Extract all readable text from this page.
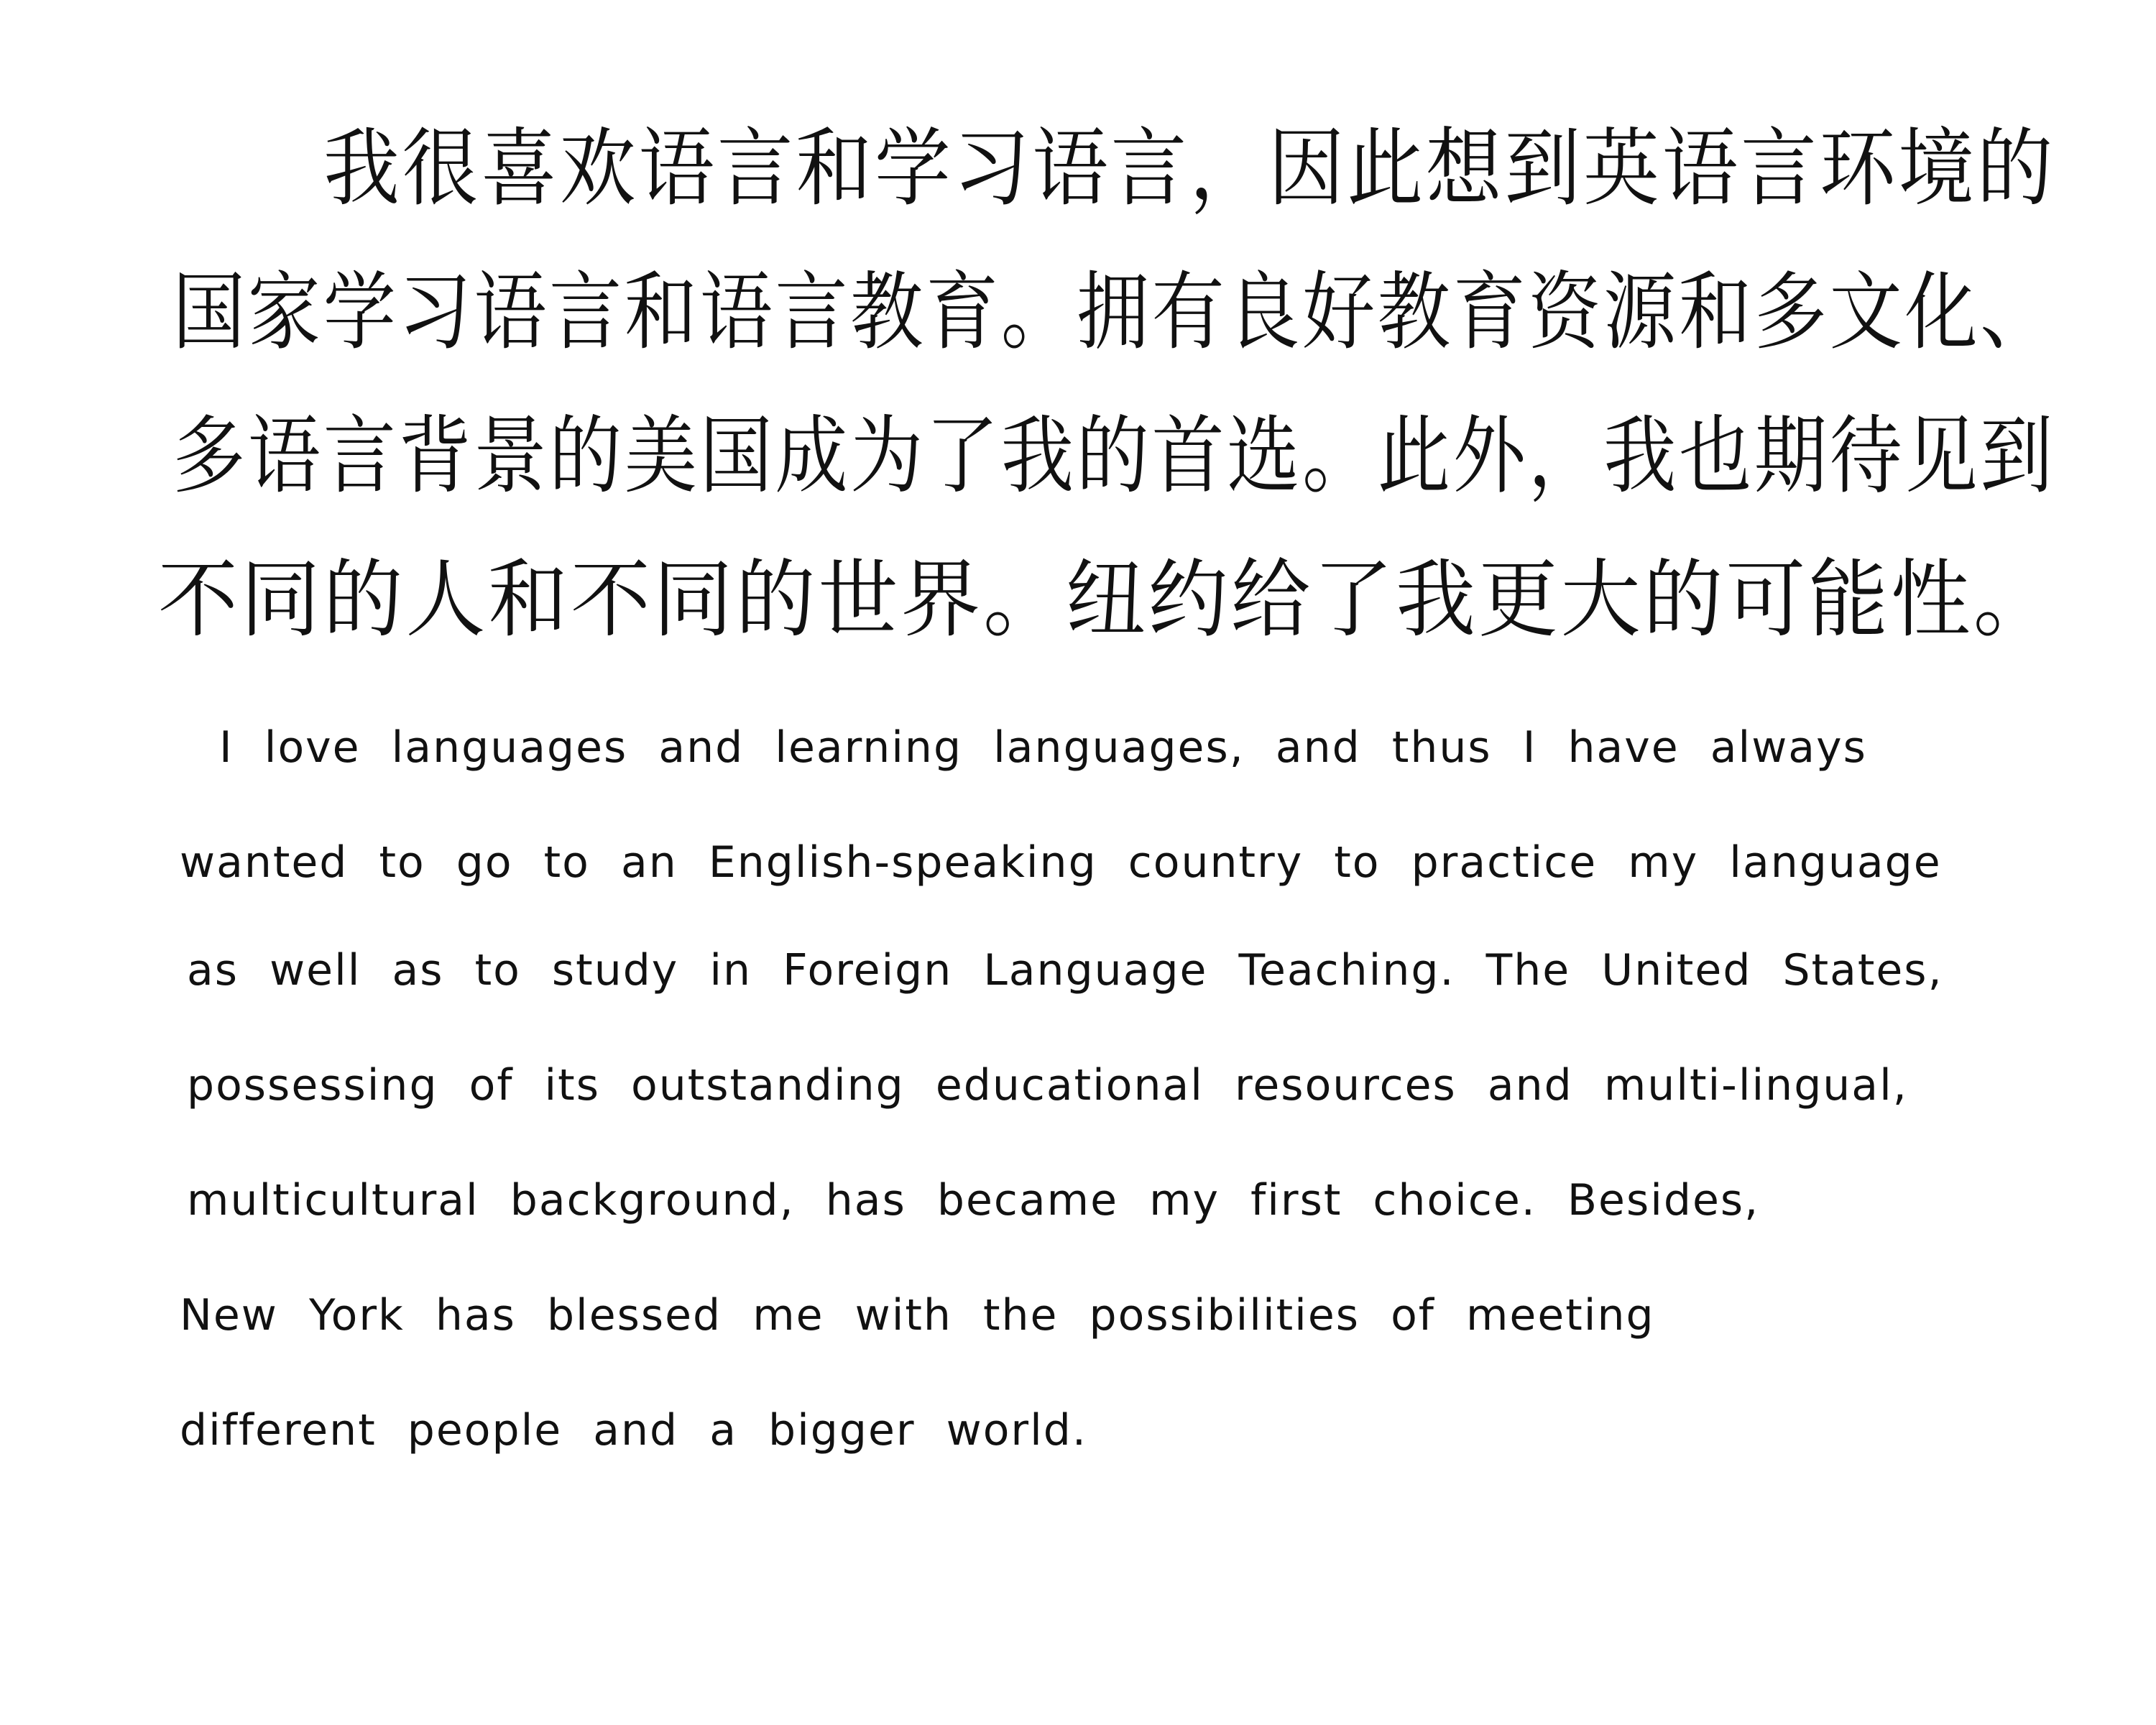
我很喜欢语言和学习语言，因此想到英语言环境的
国家学习语言和语言教育。拥有良好教育资源和多文化、
多语言背景的美国成为了我的首选。此外，我也期待见到
不同的人和不同的世界。纽约给了我更大的可能性。
I love languages and learning languages, and thus I have always
wanted to go to an English-speaking country to practice my language
as well as to study in Foreign Language Teaching. The United States,
possessing of its outstanding educational resources and multi-lingual,
multicultural background, has became my first choice. Besides,
New York has blessed me with the possibilities of meeting
different people and a bigger world.
